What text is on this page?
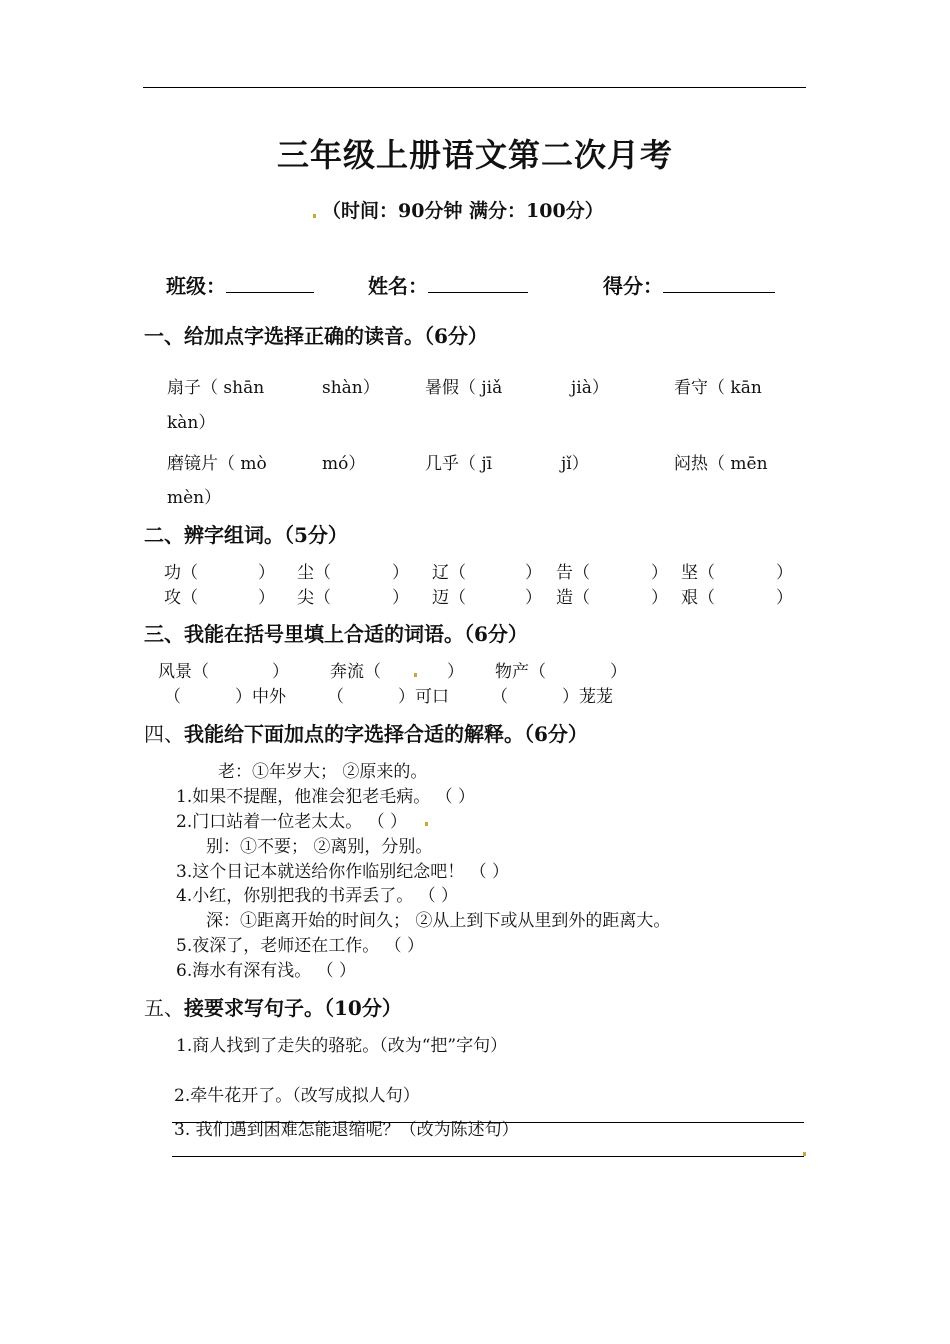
三年级上册语文第二次月考
（时间：90分钟 满分：100分）
班级：	姓名：	得分：
一、给加点字选择正确的读音。（6分）
扇子（ shān	shàn）	暑假（ jiǎ	jià）	看守（ kān
kàn）
磨镜片（ mò	mó）	几乎（ jī	jǐ）	闷热（ mēn
mèn）
二、辨字组词。（5分）
功（	） 尘（	） 辽（	） 告（	） 坚（	）
攻（	） 尖（	） 迈（	） 造（	） 艰（	）
三、我能在括号里填上合适的词语。（6分）
风景（	） 奔流（	） 物产（	）
（	）中外 （	）可口 （	）茏茏
四、我能给下面加点的字选择合适的解释。（6分）
老：①年岁大； ②原来的。
1.如果不提醒，他准会犯老毛病。 （ ）
2.门口站着一位老太太。 （ ）
别：①不要； ②离别，分别。
3.这个日记本就送给你作临别纪念吧！ （ ）
4.小红，你别把我的书弄丢了。 （ ）
深：①距离开始的时间久； ②从上到下或从里到外的距离大。
5.夜深了，老师还在工作。 （ ）
6.海水有深有浅。 （ ）
五、接要求写句子。（10分）
1.商人找到了走失的骆驼。（改为“把”字句）
2.牵牛花开了。（改写成拟人句）
3. 我们遇到困难怎能退缩呢？（改为陈述句）
